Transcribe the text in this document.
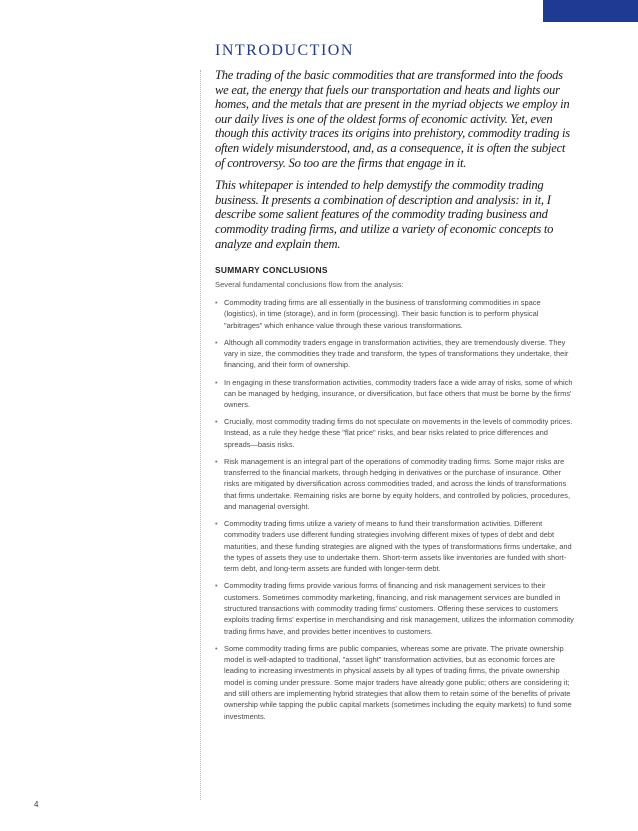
INTRODUCTION

The trading of the basic commodities that are transformed into the foods we eat, the energy that fuels our transportation and heats and lights our homes, and the metals that are present in the myriad objects we employ in our daily lives is one of the oldest forms of economic activity. Yet, even though this activity traces its origins into prehistory, commodity trading is often widely misunderstood, and, as a consequence, it is often the subject of controversy. So too are the firms that engage in it.

This whitepaper is intended to help demystify the commodity trading business. It presents a combination of description and analysis: in it, I describe some salient features of the commodity trading business and commodity trading firms, and utilize a variety of economic concepts to analyze and explain them.

SUMMARY CONCLUSIONS
Several fundamental conclusions flow from the analysis:
• Commodity trading firms are all essentially in the business of transforming commodities in space (logistics), in time (storage), and in form (processing). Their basic function is to perform physical "arbitrages" which enhance value through these various transformations.
• Although all commodity traders engage in transformation activities, they are tremendously diverse. They vary in size, the commodities they trade and transform, the types of transformations they undertake, their financing, and their form of ownership.
• In engaging in these transformation activities, commodity traders face a wide array of risks, some of which can be managed by hedging, insurance, or diversification, but face others that must be borne by the firms' owners.
• Crucially, most commodity trading firms do not speculate on movements in the levels of commodity prices. Instead, as a rule they hedge these "flat price" risks, and bear risks related to price differences and spreads—basis risks.
• Risk management is an integral part of the operations of commodity trading firms. Some major risks are transferred to the financial markets, through hedging in derivatives or the purchase of insurance. Other risks are mitigated by diversification across commodities traded, and across the kinds of transformations that firms undertake. Remaining risks are borne by equity holders, and controlled by policies, procedures, and managerial oversight.
• Commodity trading firms utilize a variety of means to fund their transformation activities. Different commodity traders use different funding strategies involving different mixes of types of debt and debt maturities, and these funding strategies are aligned with the types of transformations firms undertake, and the types of assets they use to undertake them. Short-term assets like inventories are funded with short-term debt, and long-term assets are funded with longer-term debt.
• Commodity trading firms provide various forms of financing and risk management services to their customers. Sometimes commodity marketing, financing, and risk management services are bundled in structured transactions with commodity trading firms' customers. Offering these services to customers exploits trading firms' expertise in merchandising and risk management, utilizes the information commodity trading firms have, and provides better incentives to customers.
• Some commodity trading firms are public companies, whereas some are private. The private ownership model is well-adapted to traditional, "asset light" transformation activities, but as economic forces are leading to increasing investments in physical assets by all types of trading firms, the private ownership model is coming under pressure. Some major traders have already gone public; others are considering it; and still others are implementing hybrid strategies that allow them to retain some of the benefits of private ownership while tapping the public capital markets (sometimes including the equity markets) to fund some investments.
4
